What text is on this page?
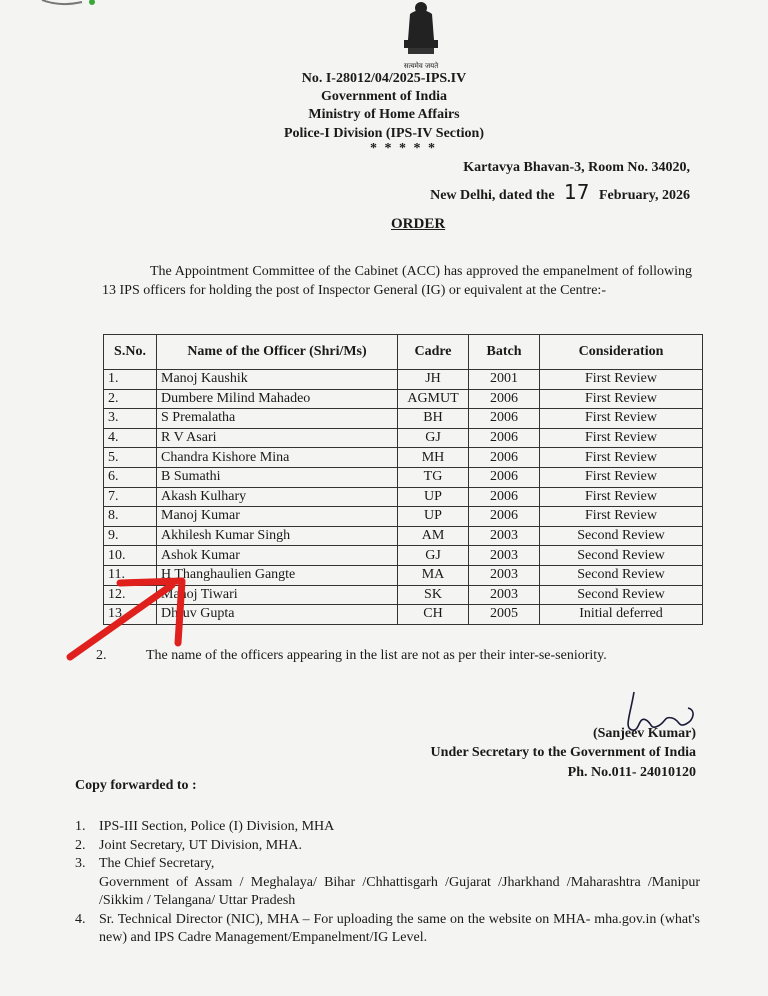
सत्यमेव जयते
No. I-28012/04/2025-IPS.IV
Government of India
Ministry of Home Affairs
Police-I Division (IPS-IV Section)
* * * * *
Kartavya Bhavan-3, Room No. 34020,
New Delhi, dated the 17 February, 2026
ORDER
The Appointment Committee of the Cabinet (ACC) has approved the empanelment of following 13 IPS officers for holding the post of Inspector General (IG) or equivalent at the Centre:-
S.No.	Name of the Officer (Shri/Ms)	Cadre	Batch	Consideration
1.	Manoj Kaushik	JH	2001	First Review
2.	Dumbere Milind Mahadeo	AGMUT	2006	First Review
3.	S Premalatha	BH	2006	First Review
4.	R V Asari	GJ	2006	First Review
5.	Chandra Kishore Mina	MH	2006	First Review
6.	B Sumathi	TG	2006	First Review
7.	Akash Kulhary	UP	2006	First Review
8.	Manoj Kumar	UP	2006	First Review
9.	Akhilesh Kumar Singh	AM	2003	Second Review
10.	Ashok Kumar	GJ	2003	Second Review
11.	H Thanghaulien Gangte	MA	2003	Second Review
12.	Manoj Tiwari	SK	2003	Second Review
13.	Dhruv Gupta	CH	2005	Initial deferred
2.	The name of the officers appearing in the list are not as per their inter-se-seniority.
(Sanjeev Kumar)
Under Secretary to the Government of India
Ph. No.011- 24010120
Copy forwarded to :
1. IPS-III Section, Police (I) Division, MHA
2. Joint Secretary, UT Division, MHA.
3. The Chief Secretary,
Government of Assam / Meghalaya/ Bihar /Chhattisgarh /Gujarat /Jharkhand /Maharashtra /Manipur /Sikkim / Telangana/ Uttar Pradesh
4. Sr. Technical Director (NIC), MHA – For uploading the same on the website on MHA- mha.gov.in (what's new) and IPS Cadre Management/Empanelment/IG Level.
